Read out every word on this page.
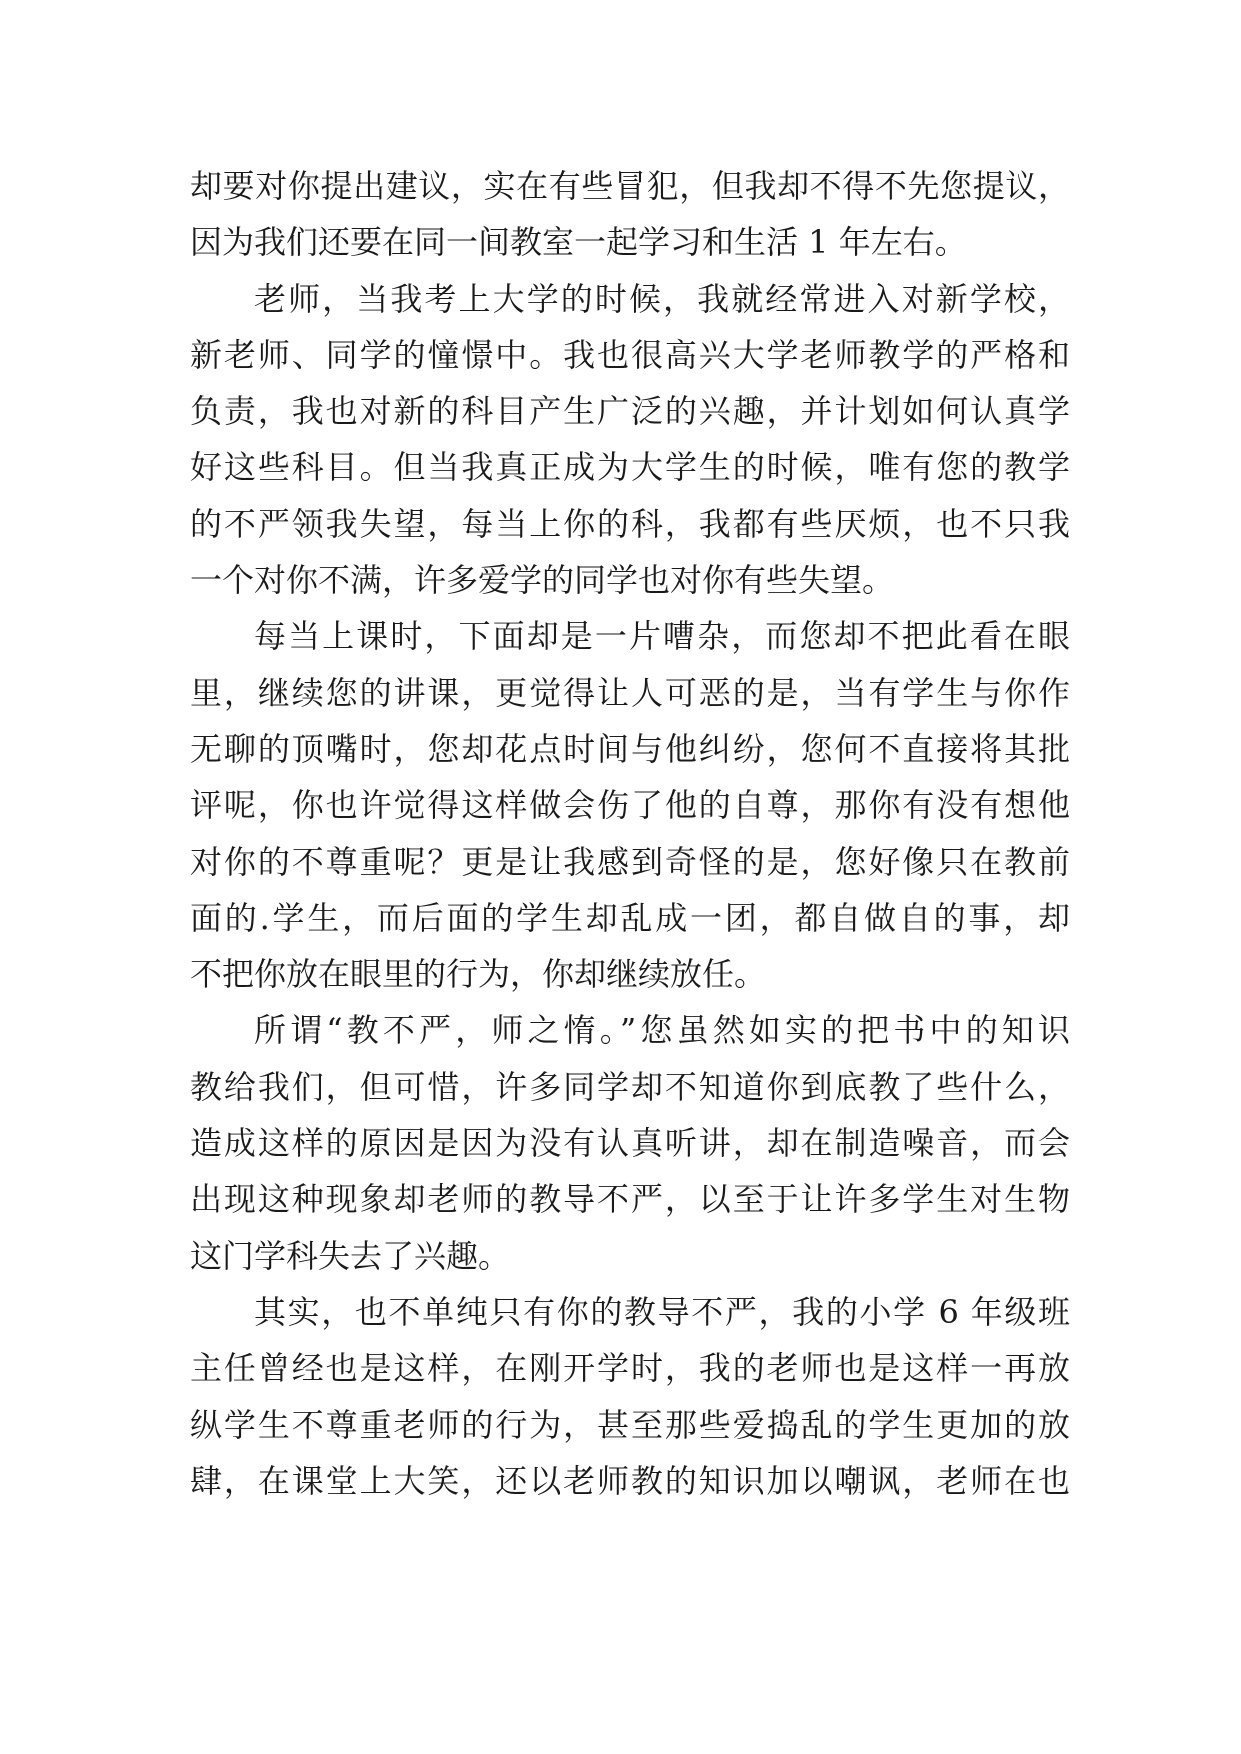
却要对你提出建议，实在有些冒犯，但我却不得不先您提议，
因为我们还要在同一间教室一起学习和生活 1 年左右。
老师，当我考上大学的时候，我就经常进入对新学校，
新老师、同学的憧憬中。我也很高兴大学老师教学的严格和
负责，我也对新的科目产生广泛的兴趣，并计划如何认真学
好这些科目。但当我真正成为大学生的时候，唯有您的教学
的不严领我失望，每当上你的科，我都有些厌烦，也不只我
一个对你不满，许多爱学的同学也对你有些失望。
每当上课时，下面却是一片嘈杂，而您却不把此看在眼
里，继续您的讲课，更觉得让人可恶的是，当有学生与你作
无聊的顶嘴时，您却花点时间与他纠纷，您何不直接将其批
评呢，你也许觉得这样做会伤了他的自尊，那你有没有想他
对你的不尊重呢？更是让我感到奇怪的是，您好像只在教前
面的.学生，而后面的学生却乱成一团，都自做自的事，却
不把你放在眼里的行为，你却继续放任。
所谓“教不严，师之惰。”您虽然如实的把书中的知识
教给我们，但可惜，许多同学却不知道你到底教了些什么，
造成这样的原因是因为没有认真听讲，却在制造噪音，而会
出现这种现象却老师的教导不严，以至于让许多学生对生物
这门学科失去了兴趣。
其实，也不单纯只有你的教导不严，我的小学 6 年级班
主任曾经也是这样，在刚开学时，我的老师也是这样一再放
纵学生不尊重老师的行为，甚至那些爱捣乱的学生更加的放
肆，在课堂上大笑，还以老师教的知识加以嘲讽，老师在也
